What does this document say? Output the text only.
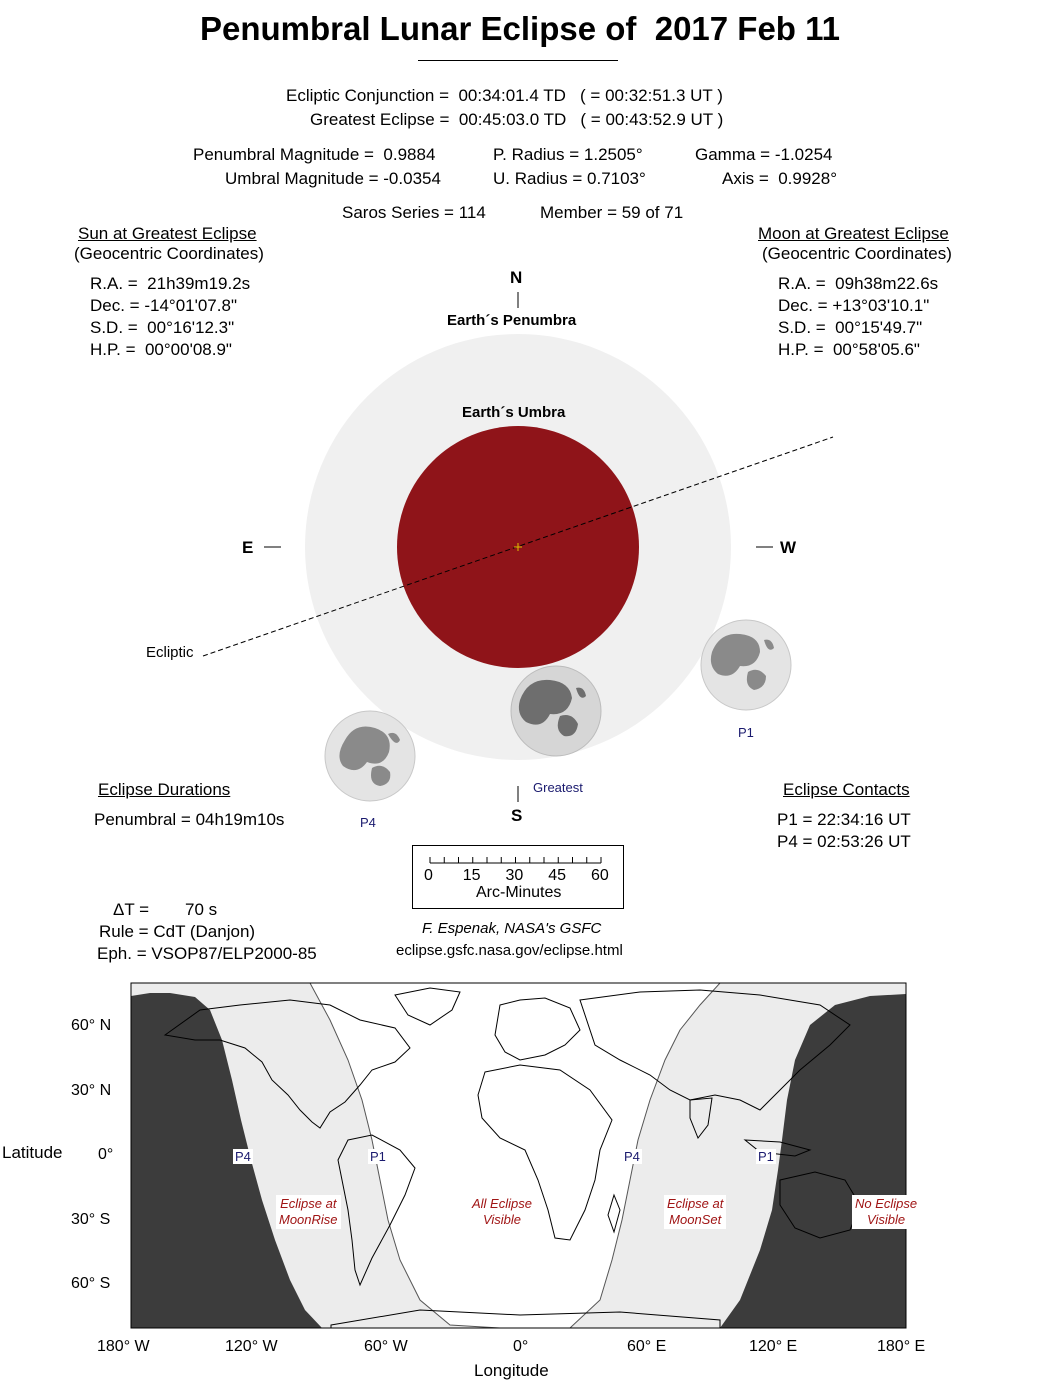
Penumbral Lunar Eclipse of  2017 Feb 11
Ecliptic Conjunction =  00:34:01.4 TD   ( = 00:32:51.3 UT )
Greatest Eclipse =  00:45:03.0 TD   ( = 00:43:52.9 UT )
Penumbral Magnitude =  0.9884
Umbral Magnitude = -0.0354
P. Radius = 1.2505°
U. Radius = 0.7103°
Gamma = -1.0254
Axis =  0.9928°
Saros Series = 114	Member = 59 of 71
Sun at Greatest Eclipse
(Geocentric Coordinates)
R.A. =  21h39m19.2s
Dec. = -14°01'07.8"
S.D. =  00°16'12.3"
H.P. =  00°00'08.9"
Moon at Greatest Eclipse
(Geocentric Coordinates)
R.A. =  09h38m22.6s
Dec. = +13°03'10.1"
S.D. =  00°15'49.7"
H.P. =  00°58'05.6"
N
Earth´s Penumbra
Earth´s Umbra
E	W
Ecliptic
S
P4
Greatest
P1
Eclipse Durations
Penumbral = 04h19m10s
Eclipse Contacts
P1 = 22:34:16 UT
P4 = 02:53:26 UT
0 15 30 45 60
Arc-Minutes
ΔT = 70 s
Rule = CdT (Danjon)
Eph. = VSOP87/ELP2000-85
F. Espenak, NASA's GSFC
eclipse.gsfc.nasa.gov/eclipse.html
P4	P1	P4	P1
Eclipse at
MoonRise
All Eclipse
Visible
Eclipse at
MoonSet
No Eclipse
Visible
60° N
30° N
0°
30° S
60° S
Latitude
180° W	120° W	60° W	0°	60° E	120° E	180° E
Longitude
